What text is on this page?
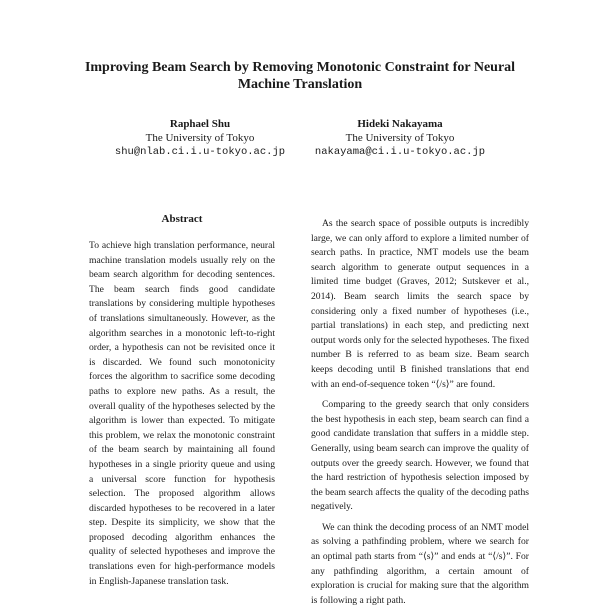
Improving Beam Search by Removing Monotonic Constraint for Neural Machine Translation
Raphael Shu
The University of Tokyo
shu@nlab.ci.i.u-tokyo.ac.jp
Hideki Nakayama
The University of Tokyo
nakayama@ci.i.u-tokyo.ac.jp
Abstract

To achieve high translation performance, neural machine translation models usually rely on the beam search algorithm for decoding sentences. The beam search finds good candidate translations by considering multiple hypotheses of translations simultaneously. However, as the algorithm searches in a monotonic left-to-right order, a hypothesis can not be revisited once it is discarded. We found such monotonicity forces the algorithm to sacrifice some decoding paths to explore new paths. As a result, the overall quality of the hypotheses selected by the algorithm is lower than expected. To mitigate this problem, we relax the monotonic constraint of the beam search by maintaining all found hypotheses in a single priority queue and using a universal score function for hypothesis selection. The proposed algorithm allows discarded hypotheses to be recovered in a later step. Despite its simplicity, we show that the proposed decoding algorithm enhances the quality of selected hypotheses and improve the translations even for high-performance models in English-Japanese translation task.

As the search space of possible outputs is incredibly large, we can only afford to explore a limited number of search paths. In practice, NMT models use the beam search algorithm to generate output sequences in a limited time budget (Graves, 2012; Sutskever et al., 2014). Beam search limits the search space by considering only a fixed number of hypotheses (i.e., partial translations) in each step, and predicting next output words only for the selected hypotheses. The fixed number B is referred to as beam size. Beam search keeps decoding until B finished translations that end with an end-of-sequence token “⟨/s⟩” are found.

Comparing to the greedy search that only considers the best hypothesis in each step, beam search can find a good candidate translation that suffers in a middle step. Generally, using beam search can improve the quality of outputs over the greedy search. However, we found that the hard restriction of hypothesis selection imposed by the beam search affects the quality of the decoding paths negatively.

We can think the decoding process of an NMT model as solving a pathfinding problem, where we search for an optimal path starts from “⟨s⟩” and ends at “⟨/s⟩”. For any pathfinding algorithm, a certain amount of exploration is crucial for making sure that the algorithm is following a right path.
